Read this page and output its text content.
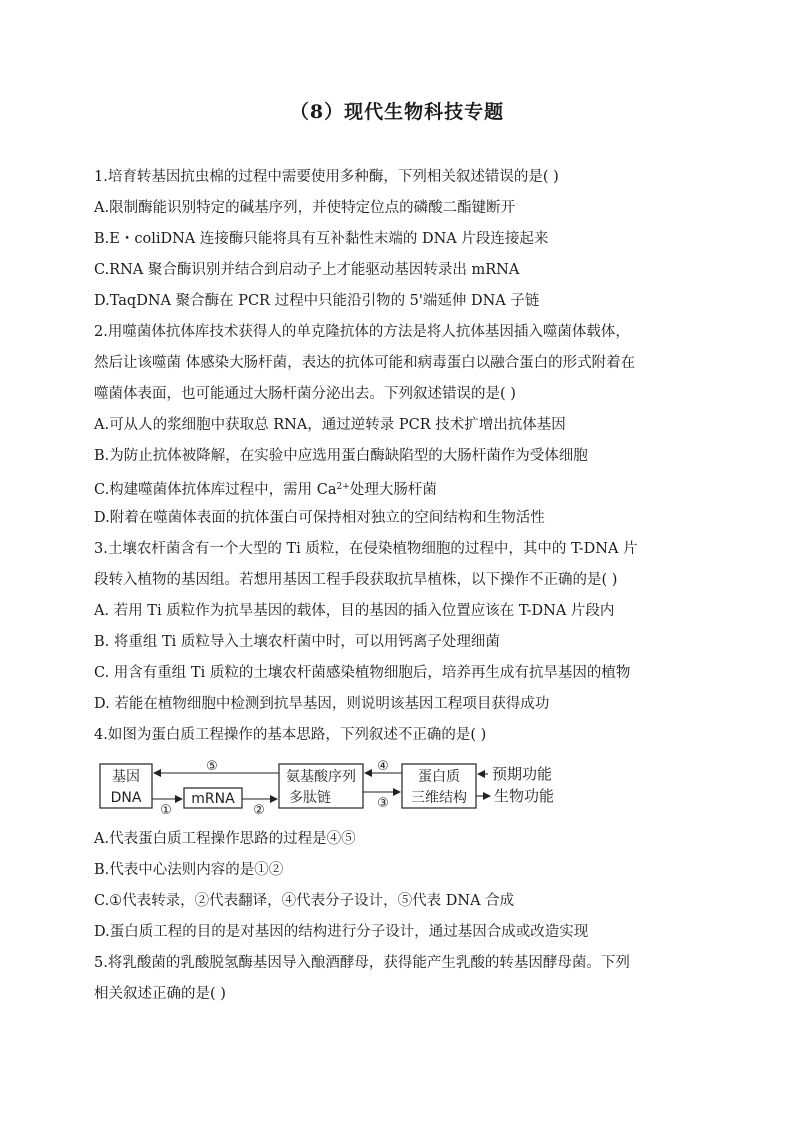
（8）现代生物科技专题
1.培育转基因抗虫棉的过程中需要使用多种酶，下列相关叙述错误的是( )
A.限制酶能识别特定的碱基序列，并使特定位点的磷酸二酯键断开
B.E・coliDNA 连接酶只能将具有互补黏性末端的 DNA 片段连接起来
C.RNA 聚合酶识别并结合到启动子上才能驱动基因转录出 mRNA
D.TaqDNA 聚合酶在 PCR 过程中只能沿引物的 5'端延伸 DNA 子链
2.用噬菌体抗体库技术获得人的单克隆抗体的方法是将人抗体基因插入噬菌体载体，
然后让该噬菌 体感染大肠杆菌，表达的抗体可能和病毒蛋白以融合蛋白的形式附着在
噬菌体表面，也可能通过大肠杆菌分泌出去。下列叙述错误的是( )
A.可从人的浆细胞中获取总 RNA，通过逆转录 PCR 技术扩增出抗体基因
B.为防止抗体被降解，在实验中应选用蛋白酶缺陷型的大肠杆菌作为受体细胞
C.构建噬菌体抗体库过程中，需用 $Ca^{2+}$处理大肠杆菌
D.附着在噬菌体表面的抗体蛋白可保持相对独立的空间结构和生物活性
3.土壤农杆菌含有一个大型的 Ti 质粒，在侵染植物细胞的过程中，其中的 T-DNA 片
段转入植物的基因组。若想用基因工程手段获取抗旱植株，以下操作不正确的是( )
A. 若用 Ti 质粒作为抗旱基因的载体，目的基因的插入位置应该在 T-DNA 片段内
B. 将重组 Ti 质粒导入土壤农杆菌中时，可以用钙离子处理细菌
C. 用含有重组 Ti 质粒的土壤农杆菌感染植物细胞后，培养再生成有抗旱基因的植物
D. 若能在植物细胞中检测到抗旱基因，则说明该基因工程项目获得成功
4.如图为蛋白质工程操作的基本思路，下列叙述不正确的是( )
基因
DNA	mRNA
氨基酸序列
多肽链
蛋白质
三维结构
⑤
①	②
④
③
预期功能
生物功能
A.代表蛋白质工程操作思路的过程是④⑤
B.代表中心法则内容的是①②
C.①代表转录，②代表翻译，④代表分子设计，⑤代表 DNA 合成
D.蛋白质工程的目的是对基因的结构进行分子设计，通过基因合成或改造实现
5.将乳酸菌的乳酸脱氢酶基因导入酿酒酵母，获得能产生乳酸的转基因酵母菌。下列
相关叙述正确的是( )
